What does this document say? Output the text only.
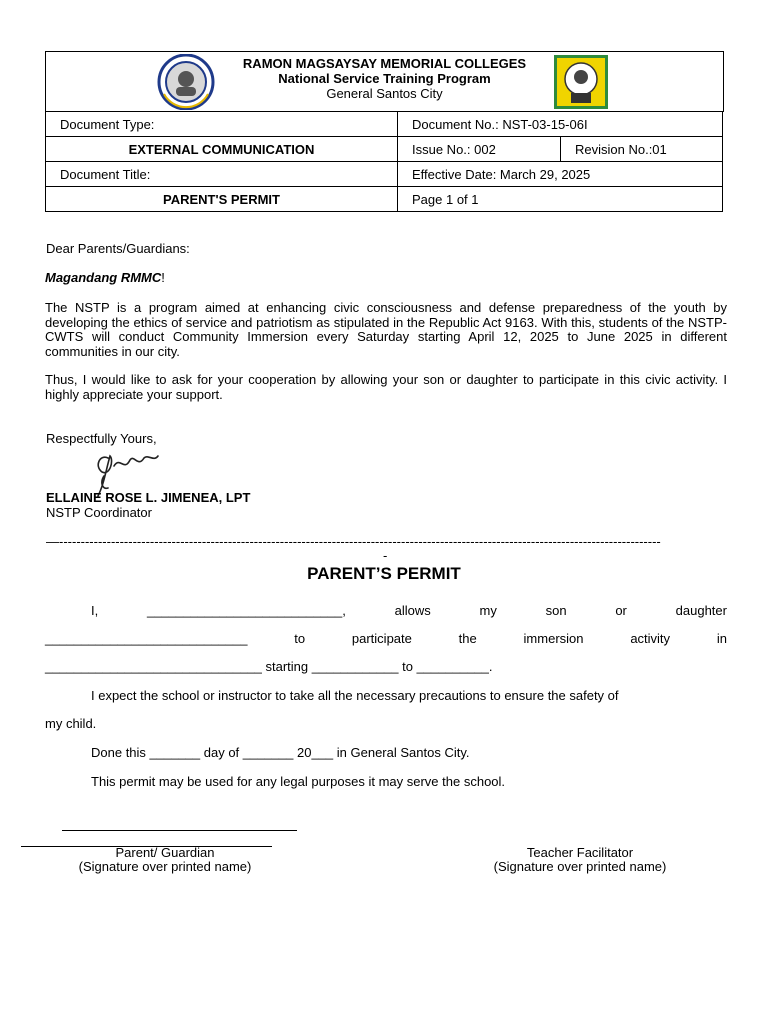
RAMON MAGSAYSAY MEMORIAL COLLEGES
National Service Training Program
General Santos City
Document Type:	Document No.: NST-03-15-06I	
EXTERNAL COMMUNICATION	Issue No.: 002	Revision No.:01
Document Title:	Effective Date: March 29, 2025	
PARENT'S PERMIT	Page 1 of 1	
Dear Parents/Guardians:
Magandang RMMC!
The NSTP is a program aimed at enhancing civic consciousness and defense preparedness of the youth by developing the ethics of service and patriotism as stipulated in the Republic Act 9163. With this, students of the NSTP-CWTS will conduct Community Immersion every Saturday starting April 12, 2025 to June 2025 in different communities in our city.
Thus, I would like to ask for your cooperation by allowing your son or daughter to participate in this civic activity. I highly appreciate your support.
Respectfully Yours,
ELLAINE ROSE L. JIMENEA, LPT
NSTP Coordinator
—-------------------------------------------------------------------------------------------------------------------------------------------
-
PARENT’S PERMIT
I,	___________________________,	allows	my	son	or	daughter
____________________________	to	participate	the	immersion	activity	in
______________________________ starting ____________ to __________.
I expect the school or instructor to take all the necessary precautions to ensure the safety of
my child.
Done this _______ day of _______ 20___ in General Santos City.
This permit may be used for any legal purposes it may serve the school.
Parent/ Guardian
(Signature over printed name)
Teacher Facilitator
(Signature over printed name)
